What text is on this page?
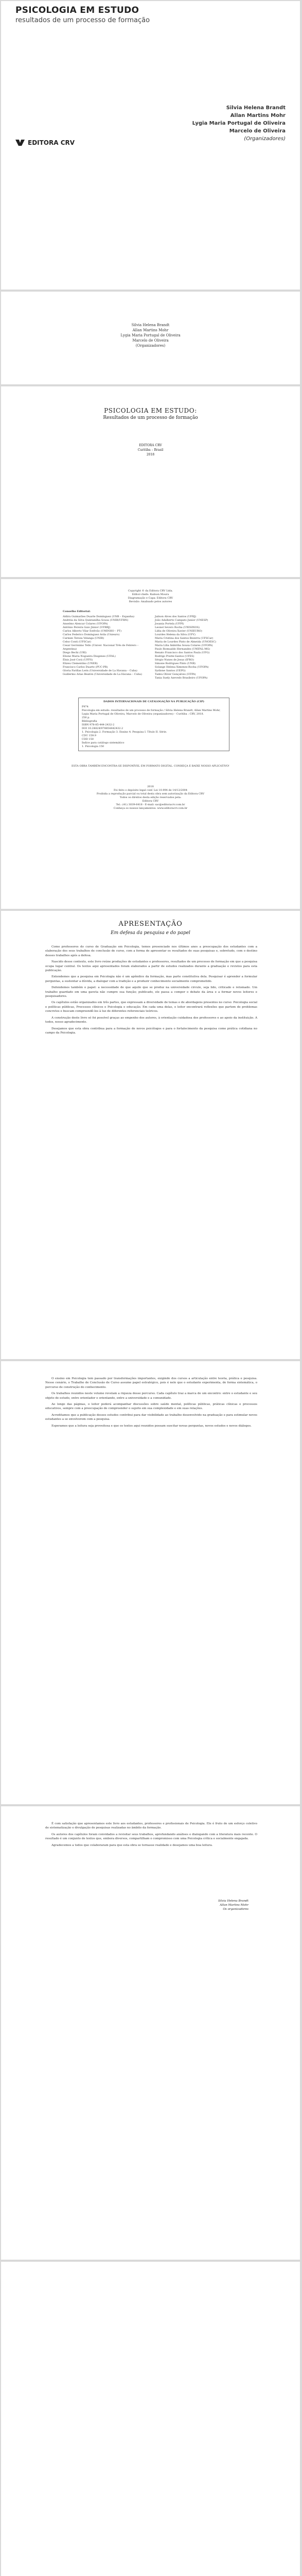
PSICOLOGIA EM ESTUDO
resultados de um processo de formação
Silvia Helena Brandt
Allan Martins Mohr
Lygia Maria Portugal de Oliveira
Marcelo de Oliveira
(Organizadores)
EDITORA CRV
Silvia Helena Brandt
Allan Martins Mohr
Lygia Maria Portugal de Oliveira
Marcelo de Oliveira
(Organizadores)
PSICOLOGIA EM ESTUDO:
Resultados de um processo de formação
EDITORA CRV
Curitiba – Brasil
2018
Copyright © da Editora CRV Ltda.
Editor-chefe: Railson Moura
Diagramação e Capa: Editora CRV
Revisão: Analisado pelos autores
Conselho Editorial:
Aldira Guimarães Duarte Domínguez (UNB – Espanha)
Andréia da Silva Quintanilha Sousa (UNIR/UFRN)
Anselmo Alencar Colares (UFOPA)
Antônio Pereira Gaio Júnior (UFRRJ)
Carlos Alberto Vilar Estêvão (UMINHO – PT)
Carlos Federico Dominguez Avila (Unieuro)
Carmen Tereza Velanga (UNIR)
Celso Conti (UFSCar)
Cesar Gerónimo Tello (Univer. Nacional Três de Febrero – Argentina)
Diego Bechi (URI)
Elione Maria Nogueira Diogenes (UFAL)
Élsio José Corá (UFFS)
Elizeu Clementino (UNEB)
Francisco Carlos Duarte (PUC-PR)
Gloria Fariñas León (Universidade de La Havana – Cuba)
Guillermo Arias Beatón (Universidade de La Havana – Cuba)
Jailson Alves dos Santos (UFRJ)
João Adalberto Campato Junior (UNESP)
Josania Portela (UFPI)
Leonel Severo Rocha (UNISINOS)
Lídia de Oliveira Xavier (UNIEURO)
Lourdes Helena da Silva (UFV)
Maria Cristina dos Santos Bezerra (UFSCar)
Maria de Lourdes Pinto de Almeida (UNOESC)
Maria Lília Imbiriba Sousa Colares (UFOPA)
Paulo Romualdo Hernandes (UNIFAL-MG)
Renato Francisco dos Santos Paula (UFG)
Rodrigo Pratte-Santos (UFES)
Sérgio Nunes de Jesus (IFRO)
Simone Rodrigues Pinto (UNB)
Solange Helena Ximenes-Rocha (UFOPA)
Sydione Santos (UEPG)
Tadeu Oliver Gonçalves (UFPA)
Tania Suely Azevedo Brasileiro (UFOPA)
DADOS INTERNACIONAIS DE CATALOGAÇÃO NA PUBLICAÇÃO (CIP)
P974
Psicologia em estudo: resultados de um processo de formação / Silvia Helena Brandt, Allan Martins Mohr, Lygia Maria Portugal de Oliveira, Marcelo de Oliveira (organizadores) – Curitiba : CRV, 2018.
256 p.
Bibliografia
ISBN 978-85-444-2432-2
DOI 10.24824/978854442432.2
1. Psicologia 2. Formação 3. Ensino 4. Pesquisa I. Título II. Série.
CDU 159.9
CDD 150
Índice para catálogo sistemático
1. Psicologia 150
ESTA OBRA TAMBÉM ENCONTRA-SE DISPONÍVEL EM FORMATO DIGITAL. CONHEÇA E BAIXE NOSSO APLICATIVO!
2018
Foi feito o depósito legal conf. Lei 10.994 de 14/12/2004
Proibida a reprodução parcial ou total desta obra sem autorização da Editora CRV
Todos os direitos desta edição reservados pela:
Editora CRV
Tel.: (41) 3039-6418 - E-mail: sac@editoracrv.com.br
Conheça os nossos lançamentos: www.editoracrv.com.br
APRESENTAÇÃO
Em defesa da pesquisa e do papel

Como professores do curso de Graduação em Psicologia, temos presenciado nos últimos anos a preocupação dos estudantes com a elaboração dos seus trabalhos de conclusão de curso, com a forma de apresentar os resultados de suas pesquisas e, sobretudo, com o destino desses trabalhos após a defesa.

Nascido desse contexto, este livro reúne produções de estudantes e professores, resultados de um processo de formação em que a pesquisa ocupa lugar central. Os textos aqui apresentados foram elaborados a partir de estudos realizados durante a graduação e revistos para esta publicação.

Entendemos que a pesquisa em Psicologia não é um apêndice da formação, mas parte constitutiva dela. Pesquisar é aprender a formular perguntas, a sustentar a dúvida, a dialogar com a tradição e a produzir conhecimento socialmente comprometido.

Defendemos também o papel: a necessidade de que aquilo que se produz na universidade circule, seja lido, criticado e retomado. Um trabalho guardado em uma gaveta não cumpre sua função; publicado, ele passa a compor o debate da área e a formar novos leitores e pesquisadores.

Os capítulos estão organizados em três partes, que expressam a diversidade de temas e de abordagens presentes no curso: Psicologia social e políticas públicas, Processos clínicos e Psicologia e educação. Em cada uma delas, o leitor encontrará reflexões que partem de problemas concretos e buscam compreendê-los à luz de diferentes referenciais teóricos.

A construção deste livro só foi possível graças ao empenho dos autores, à orientação cuidadosa dos professores e ao apoio da instituição. A todos, nosso agradecimento.

Desejamos que esta obra contribua para a formação de novos psicólogos e para o fortalecimento da pesquisa como prática cotidiana no campo da Psicologia.

O ensino em Psicologia tem passado por transformações importantes, exigindo dos cursos a articulação entre teoria, prática e pesquisa. Nesse cenário, o Trabalho de Conclusão de Curso assume papel estratégico, pois é nele que o estudante experimenta, de forma sistemática, o percurso de construção do conhecimento.

Os trabalhos reunidos neste volume revelam a riqueza desse percurso. Cada capítulo traz a marca de um encontro: entre o estudante e seu objeto de estudo, entre orientador e orientando, entre a universidade e a comunidade.

Ao longo das páginas, o leitor poderá acompanhar discussões sobre saúde mental, políticas públicas, práticas clínicas e processos educativos, sempre com a preocupação de compreender o sujeito em sua complexidade e em suas relações.

Acreditamos que a publicação desses estudos contribui para dar visibilidade ao trabalho desenvolvido na graduação e para estimular novos estudantes a se envolverem com a pesquisa.

Esperamos que a leitura seja proveitosa e que os textos aqui reunidos possam suscitar novas perguntas, novos estudos e novos diálogos.

É com satisfação que apresentamos este livro aos estudantes, professores e profissionais de Psicologia. Ele é fruto de um esforço coletivo de sistematização e divulgação de pesquisas realizadas no âmbito da formação.

Os autores dos capítulos foram convidados a revisitar seus trabalhos, aprofundando análises e dialogando com a literatura mais recente. O resultado é um conjunto de textos que, embora diversos, compartilham o compromisso com uma Psicologia crítica e socialmente engajada.

Agradecemos a todos que colaboraram para que esta obra se tornasse realidade e desejamos uma boa leitura.

Silvia Helena Brandt
Allan Martins Mohr
Os organizadores
